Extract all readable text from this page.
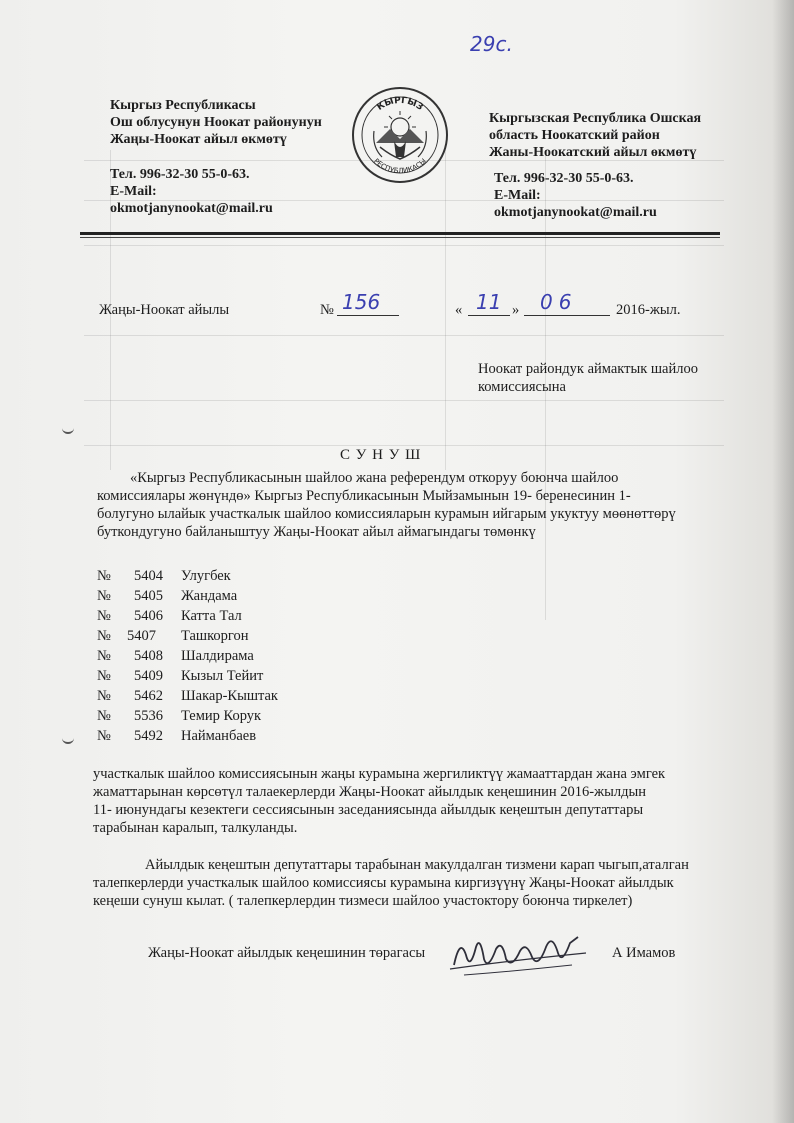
29c.
Кыргыз Республикасы
Ош облусунун Ноокат районунун
Жаңы-Ноокат айыл өкмөтү
Тел. 996-32-30 55-0-63.
E-Mail:
okmotjanynookat@mail.ru
КЫРГЫЗ
РЕСПУБЛИКАСЫ
Кыргызская Республика Ошская
область Ноокатский район
Жаны-Ноокатский айыл өкмөтү
Тел. 996-32-30 55-0-63.
E-Mail:
okmotjanynookat@mail.ru
Жаңы-Ноокат айылы	№ 156	« 11 » 06	2016-жыл.
Ноокат райондук аймактык шайлоо
комиссиясына
С У Н У Ш
«Кыргыз Республикасынын шайлоо жана референдум откоруу боюнча шайлоо
комиссиялары жөнүндө» Кыргыз Республикасынын Мыйзамынын 19- беренесинин 1-
болугуно ылайык участкалык шайлоо комиссияларын курамын ийгарым укуктуу мөөнөттөрү
буткондугуно байланыштуу Жаңы-Ноокат айыл аймагындагы төмөнкү
№ 5404 Улугбек
№ 5405 Жандама
№ 5406 Катта Тал
№ 5407 Ташкоргон
№ 5408 Шалдирама
№ 5409 Кызыл Тейит
№ 5462 Шакар-Кыштак
№ 5536 Темир Корук
№ 5492 Найманбаев
участкалык шайлоо комиссиясынын жаңы курамына жергиликтүү жамааттардан жана эмгек
жаматтарынан көрсөтүл талаекерлерди Жаңы-Ноокат айылдык кеңешинин 2016-жылдын
11- июнундагы кезектеги сессиясынын заседаниясында айылдык кеңештын депутаттары
тарабынан каралып, талкуланды.
Айылдык кеңештын депутаттары тарабынан макулдалган тизмени карап чыгып,аталган
талепкерлерди участкалык шайлоо комиссиясы курамына киргизүүнү Жаңы-Ноокат айылдык
кеңеши сунуш кылат. ( талепкерлердин тизмеси шайлоо участокторy боюнча тиркелет)
Жаңы-Ноокат айылдык кеңешинин төрагасы	А Имамов
